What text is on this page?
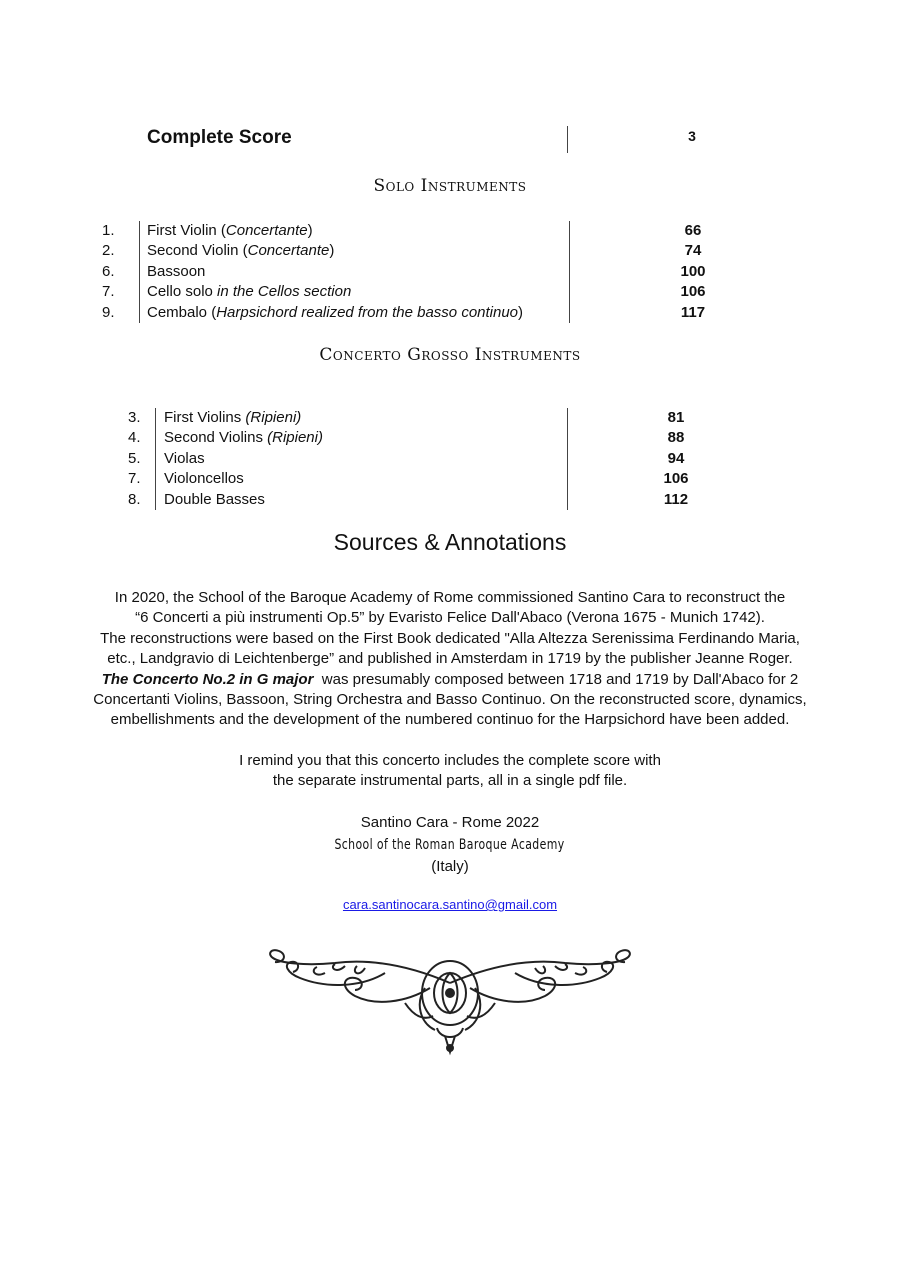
Complete Score	3
Solo Instruments
1. First Violin (Concertante)	66
2. Second Violin (Concertante)	74
6. Bassoon	100
7. Cello solo in the Cellos section	106
9. Cembalo (Harpsichord realized from the basso continuo)	117
Concerto Grosso Instruments
3. First Violins (Ripieni)	81
4. Second Violins (Ripieni)	88
5. Violas	94
7. Violoncellos	106
8. Double Basses	112
Sources & Annotations

In 2020, the School of the Baroque Academy of Rome commissioned Santino Cara to reconstruct the

“6 Concerti a più instrumenti Op.5” by Evaristo Felice Dall'Abaco (Verona 1675 - Munich 1742).

The reconstructions were based on the First Book dedicated "Alla Altezza Serenissima Ferdinando Maria,

etc., Landgravio di Leichtenberge” and published in Amsterdam in 1719 by the publisher Jeanne Roger.

The Concerto No.2 in G major  was presumably composed between 1718 and 1719 by Dall'Abaco for 2

Concertanti Violins, Bassoon, String Orchestra and Basso Continuo. On the reconstructed score, dynamics,

embellishments and the development of the numbered continuo for the Harpsichord have been added.

I remind you that this concerto includes the complete score with

the separate instrumental parts, all in a single pdf file.

Santino Cara - Rome 2022

School of the Roman Baroque Academy

(Italy)

cara.santinocara.santino@gmail.com
